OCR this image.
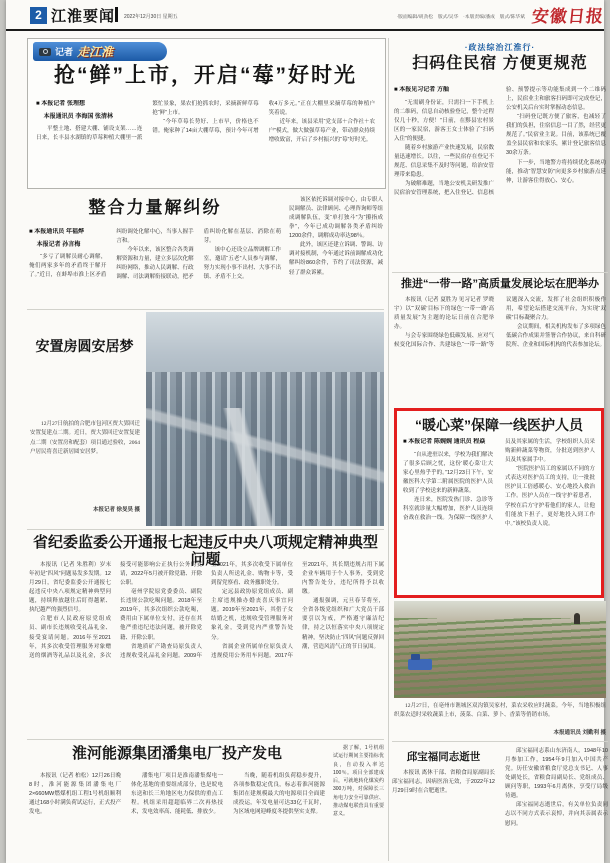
2 江淮要闻 2022年12月30日 星期五	·版面编辑/胡劲松　版式/吴华　·本版责编/潘成　版式/陈华斌 安徽日报
记者 走江淮
抢“鲜”上市，开启“莓”好时光

■ 本报记者 张理想

　 本报通讯员 李海国 张清林

平整土地、搭建大棚、铺设支架……连日来，长丰县水湖镇的草莓种植大棚里一派繁忙景象，果农们抢抓农时，采摘新鲜草莓抢“鲜”上市。

“今年草莓长势好、上市早，价格也不错。俺家种了14亩大棚草莓，预计今年可增收4万多元。”正在大棚里采摘草莓的种植户笑着说。

近年来，该县采用“党支部＋合作社＋农户”模式，做大做强草莓产业，带动群众持续增收致富，开启了乡村振兴的“莓”好时光。

整合力量解纠纷

■ 本报通讯员 年福烨

　 本报记者 孙言梅

“多亏了调解员耐心调解，俺们两家多年的矛盾终于解开了。”近日，在蚌埠市淮上区矛盾纠纷调处化解中心，当事人握手言和。

今年以来，该区整合各类调解资源和力量，建立多层次化解纠纷网络，推动人民调解、行政调解、司法调解衔接联动，把矛盾纠纷化解在基层、消除在萌芽。

该中心还设立品牌调解工作室，邀请“五老”人员参与调解，努力实现小事不出村、大事不出镇、矛盾不上交。

该区依托诉调对接中心，由专职人民调解员、法律顾问、心理咨询师等组成调解队伍，变“单打独斗”为“攥指成拳”，今年已成功调解各类矛盾纠纷1200余件，调解成功率达98％。

此外，该区还建立诉调、警调、访调对接机制，今年通过诉前调解成功化解纠纷860余件，节约了司法资源，减轻了群众诉累。

安置房圆安居梦

12月27日航拍的合肥市包河区贾大郢回迁安置复建点二期。近日，贾大郢回迁安置复建点二期（安置房和配套）项目通过验收，2064户居民将喜迁新居圆安居梦。

本报记者 徐旻昊 摄
省纪委监委公开通报七起违反中央八项规定精神典型问题

本报讯（记者 朱胜利）岁末年初是“四风”问题易发多发期。12月29日，省纪委监委公开通报七起违反中央八项规定精神典型问题，持续释放越往后盯得越紧、执纪越严的强烈信号。

合肥市人民政府原党组成员、副市长违规收受礼品礼金、接受宴请问题。2016年至2021年，其多次收受管理服务对象赠送的烟酒等礼品以及礼金，多次接受可能影响公正执行公务的宴请，2022年5月被开除党籍、开除公职。

亳州学院原党委委员、副院长违规公款吃喝问题。2018年至2019年，其多次组织公款吃喝，费用由下属单位支付，还存在其他严重违纪违法问题，被开除党籍、开除公职。

省地质矿产勘查局原负责人违规收受礼品礼金问题。2009年至2021年，其多次收受下属单位负责人所送礼金、购物卡等，受到留党察看、政务撤职处分。

定远县政协原党组成员、副主席违规操办婚丧喜庆事宜问题。2019年至2021年，其借子女结婚之机，违规收受管理服务对象礼金，受到党内严重警告处分。

省属企业所属单位原负责人违规使用公务用车问题。2017年至2021年，其长期违规占用下属企业车辆用于个人事务，受到党内警告处分，违纪所得予以收缴。

通报强调，元旦春节将至，全省各级党组织和广大党员干部要引以为戒，严格遵守廉洁纪律，持之以恒落实中央八项规定精神，坚决防止“四风”问题反弹回潮，营造风清气正的节日氛围。

淮河能源集团潘集电厂投产发电

本报讯（记者 柏松）12月26日晚8时，淮河能源集团潘集电厂2×660MW燃煤机组工程1号机组顺利通过168小时满负荷试运行，正式投产发电。

潘集电厂项目是淮南潘集煤电一体化基地的重要组成部分，也是皖电东送和长三角地区电力保供的重点工程。机组采用超超临界二次再热技术，发电效率高、能耗低、排放少。

当晚，随着机组负荷稳步提升，各项参数稳定优良，标志着淮河能源集团在建规模最大的电源项目全面建成投运，年发电量可达33亿千瓦时，为区域电网迎峰度冬提供坚实支撑。

据了解，1号机组试运行期间主要指标优良，自动投入率达100％。项目全部建成后，可就地转化煤炭约300万吨，对保障长三角电力安全可靠供应、推动煤电联营具有重要意义。

·政法综治江淮行·
扫码住民宿 方便更规范

■ 本报见习记者 方舢

“无需刷身份证，只需扫一下手机上的二维码，信息自动核验登记，整个过程仅几十秒，方便！”日前，在黟县宏村景区的一家民宿，游客王女士体验了“扫码入住”的便捷。

随着乡村旅游产业快速发展，民宿数量迅速增长。以往，一些民宿存在登记不规范、信息采集不及时等问题，给治安管理带来隐患。

为破解难题，当地公安机关研发推广民宿治安管理系统，把入住登记、信息核验、预警提示等功能集成到一个二维码上，民宿业主和旅客扫码即可完成登记，公安机关后台实时掌握动态信息。

“扫码登记既方便了旅客，也减轻了我们的负担，住宿信息一目了然，经营更规范了。”民宿业主说。目前，该系统已覆盖全县民宿和农家乐，累计登记旅客信息30余万条。

下一步，当地警方将持续优化系统功能，推动“智慧安防”向更多乡村旅游点延伸，让游客住得放心、安心。

推进“一带一路”高质量发展论坛在肥举办

本报讯（记者 夏胜为 见习记者 罗晓宇）以“‘双碳’目标下的绿色‘一带一路’高质量发展”为主题的论坛日前在合肥举办。

与会专家围绕绿色低碳发展、应对气候变化国际合作、共建绿色“一带一路”等议题深入交流，发挥了社会组织积极作用，希望论坛搭建交流平台，为实现“双碳”目标凝聚合力。

会议期间，相关机构发布了多项绿色低碳合作成果并签署合作协议，来自科研院所、企业和国际机构的代表参加论坛。

“暖心菜”保障一线医护人员

■ 本报记者 陈婉婉 通讯员 程焱

“自从进驻以来，学校为我们解决了很多后顾之忧，这份‘暖心菜’让大家心里热乎乎的。”12月23日下午，安徽医科大学第二附属医院的医护人员收到了学校送来的新鲜蔬菜。

连日来，医院发热门诊、急诊等科室就诊量大幅增加，医护人员连续奋战在救治一线。为保障一线医护人员及其家属的生活，学校组织人员采购新鲜蔬菜等物资，分批送到医护人员及其家属手中。

“医院医护员工的家属以不同的方式表达对医护员工的支持，让一批批医护员工倍感暖心、安心地投入救治工作。医护人员在一线守护着患者，学校在后方守护着他们的家人，让他们能放下担子，更好地投入到工作中。”该校负责人说。

12月27日，在亳州市谯城区双沟镇吴家村，菜农采收应时蔬菜。今年，当地积极组织菜农适时采收蔬菜上市，菠菜、白菜、萝卜、香菜等俏销市场。

本报通讯员 刘勤利 摄
邱宝福同志逝世

本报讯 离休干部、省粮食局原副局长邱宝福同志，因病医治无效，于2022年12月29日9时在合肥逝世。

邱宝福同志系山东济南人，1948年10月参加工作，1954年9月加入中国共产党。历任安徽省粮食厅党总支书记、人事处副处长，省粮食局副局长、党组成员、顾问等职，1993年6月离休，享受厅局级待遇。

邱宝福同志逝世后，有关单位负责同志以不同方式表示哀悼，并向其亲属表示慰问。
